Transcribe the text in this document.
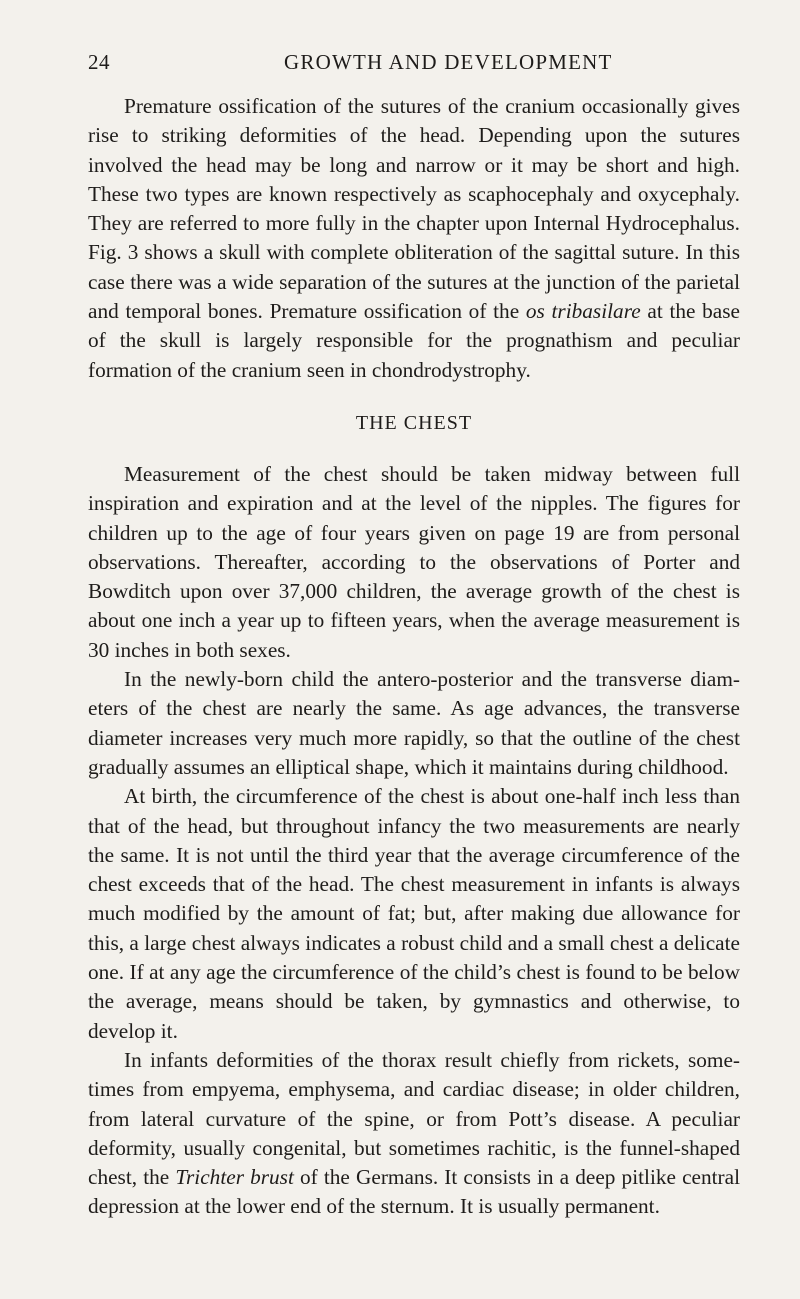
24	GROWTH AND DEVELOPMENT

Premature ossification of the sutures of the cranium occasionally gives rise to striking deformities of the head. Depending upon the sutures involved the head may be long and narrow or it may be short and high. These two types are known respectively as scaphocephaly and oxycephaly. They are referred to more fully in the chapter upon Internal Hydrocephalus. Fig. 3 shows a skull with complete obliteration of the sagittal suture. In this case there was a wide separation of the sutures at the junction of the parietal and temporal bones. Premature ossification of the os tribasilare at the base of the skull is largely responsible for the prognathism and peculiar formation of the cranium seen in chondrodystrophy.

THE CHEST

Measurement of the chest should be taken midway between full inspiration and expiration and at the level of the nipples. The figures for children up to the age of four years given on page 19 are from personal observations. Thereafter, according to the observations of Porter and Bowditch upon over 37,000 children, the average growth of the chest is about one inch a year up to fifteen years, when the average measurement is 30 inches in both sexes.

In the newly-born child the antero-posterior and the transverse diameters of the chest are nearly the same. As age advances, the transverse diameter increases very much more rapidly, so that the outline of the chest gradually assumes an elliptical shape, which it maintains during childhood.

At birth, the circumference of the chest is about one-half inch less than that of the head, but throughout infancy the two measurements are nearly the same. It is not until the third year that the average circumference of the chest exceeds that of the head. The chest measurement in infants is always much modified by the amount of fat; but, after making due allowance for this, a large chest always indicates a robust child and a small chest a delicate one. If at any age the circumference of the child’s chest is found to be below the average, means should be taken, by gymnastics and otherwise, to develop it.

In infants deformities of the thorax result chiefly from rickets, sometimes from empyema, emphysema, and cardiac disease; in older children, from lateral curvature of the spine, or from Pott’s disease. A peculiar deformity, usually congenital, but sometimes rachitic, is the funnel-shaped chest, the Trichter brust of the Germans. It consists in a deep pitlike central depression at the lower end of the sternum. It is usually permanent.
